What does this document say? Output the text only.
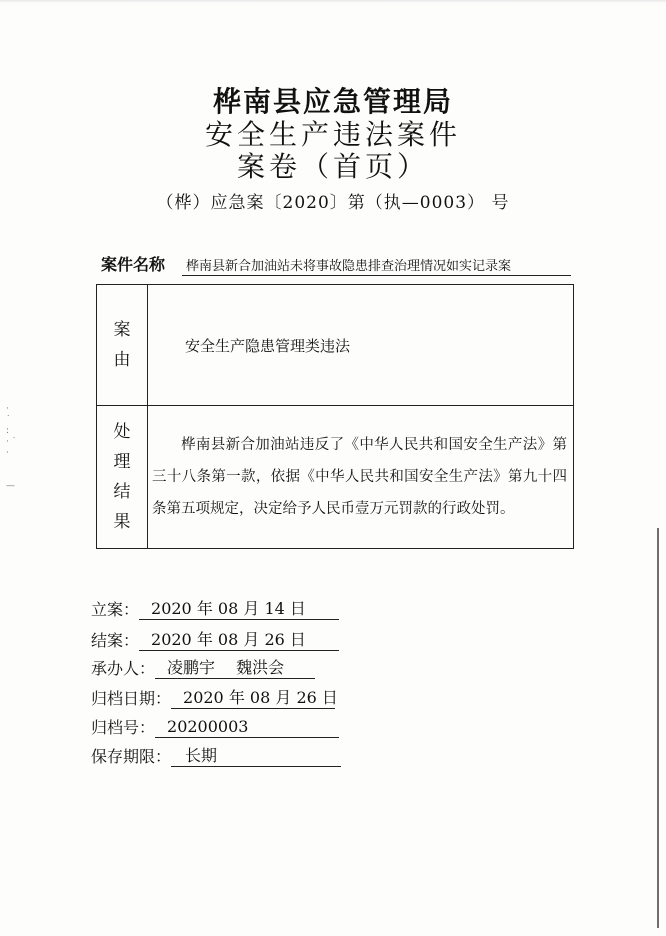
·
˙
:
· ˙
·

—
桦南县应急管理局
安全生产违法案件
案卷（首页）
（桦）应急案〔2020〕第（执—0003） 号
案件名称	桦南县新合加油站未将事故隐患排查治理情况如实记录案
案
由	安全生产隐患管理类违法

处
理
结
果	桦南县新合加油站违反了《中华人民共和国安全生产法》第三十八条第一款，依据《中华人民共和国安全生产法》第九十四条第五项规定，决定给予人民币壹万元罚款的行政处罚。
立案： 2020 年 08 月 14 日
结案： 2020 年 08 月 26 日
承办人： 凌鹏宇　 魏洪会
归档日期： 2020 年 08 月 26 日
归档号： 20200003
保存期限： 长期
